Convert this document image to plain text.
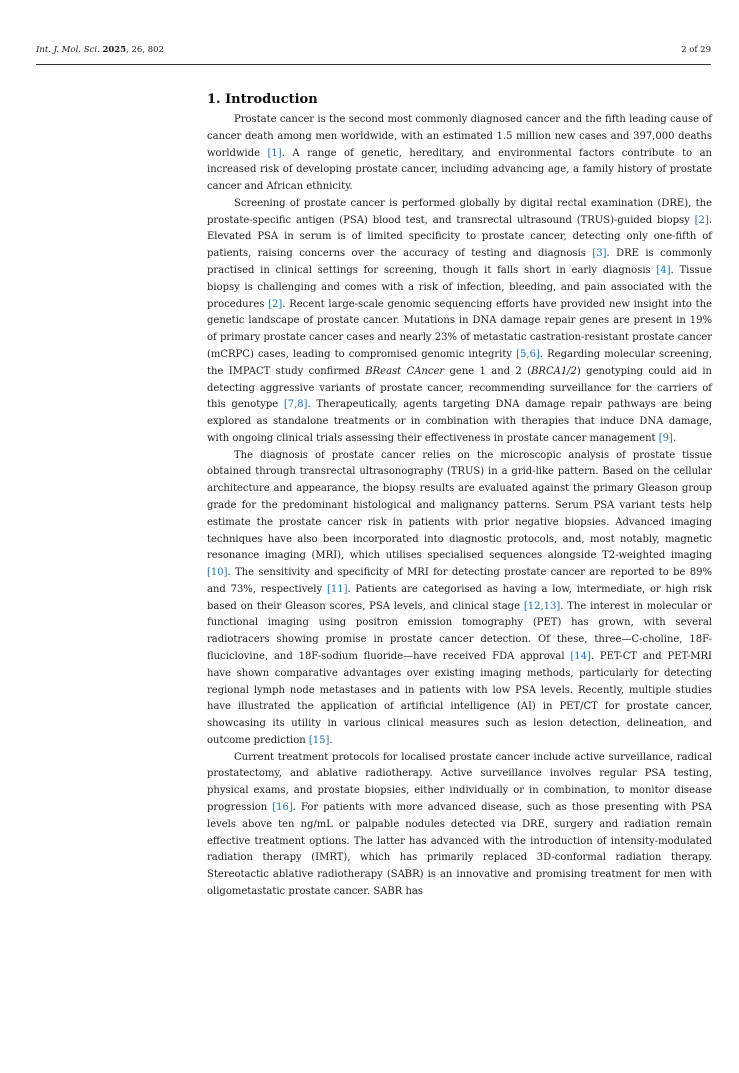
Int. J. Mol. Sci. 2025, 26, 802	2 of 29
1. Introduction

Prostate cancer is the second most commonly diagnosed cancer and the fifth leading cause of cancer death among men worldwide, with an estimated 1.5 million new cases and 397,000 deaths worldwide [1]. A range of genetic, hereditary, and environmental factors contribute to an increased risk of developing prostate cancer, including advancing age, a family history of prostate cancer and African ethnicity.

Screening of prostate cancer is performed globally by digital rectal examination (DRE), the prostate-specific antigen (PSA) blood test, and transrectal ultrasound (TRUS)-guided biopsy [2]. Elevated PSA in serum is of limited specificity to prostate cancer, detecting only one-fifth of patients, raising concerns over the accuracy of testing and diagnosis [3]. DRE is commonly practised in clinical settings for screening, though it falls short in early diagnosis [4]. Tissue biopsy is challenging and comes with a risk of infection, bleeding, and pain associated with the procedures [2]. Recent large-scale genomic sequencing efforts have provided new insight into the genetic landscape of prostate cancer. Mutations in DNA damage repair genes are present in 19% of primary prostate cancer cases and nearly 23% of metastatic castration-resistant prostate cancer (mCRPC) cases, leading to compromised genomic integrity [5,6]. Regarding molecular screening, the IMPACT study confirmed BReast CAncer gene 1 and 2 (BRCA1/2) genotyping could aid in detecting aggressive variants of prostate cancer, recommending surveillance for the carriers of this genotype [7,8]. Therapeutically, agents targeting DNA damage repair pathways are being explored as standalone treatments or in combination with therapies that induce DNA damage, with ongoing clinical trials assessing their effectiveness in prostate cancer management [9].

The diagnosis of prostate cancer relies on the microscopic analysis of prostate tissue obtained through transrectal ultrasonography (TRUS) in a grid-like pattern. Based on the cellular architecture and appearance, the biopsy results are evaluated against the primary Gleason group grade for the predominant histological and malignancy patterns. Serum PSA variant tests help estimate the prostate cancer risk in patients with prior negative biopsies. Advanced imaging techniques have also been incorporated into diagnostic protocols, and, most notably, magnetic resonance imaging (MRI), which utilises specialised sequences alongside T2-weighted imaging [10]. The sensitivity and specificity of MRI for detecting prostate cancer are reported to be 89% and 73%, respectively [11]. Patients are categorised as having a low, intermediate, or high risk based on their Gleason scores, PSA levels, and clinical stage [12,13]. The interest in molecular or functional imaging using positron emission tomography (PET) has grown, with several radiotracers showing promise in prostate cancer detection. Of these, three—C-choline, 18F-fluciclovine, and 18F-sodium fluoride—have received FDA approval [14]. PET-CT and PET-MRI have shown comparative advantages over existing imaging methods, particularly for detecting regional lymph node metastases and in patients with low PSA levels. Recently, multiple studies have illustrated the application of artificial intelligence (AI) in PET/CT for prostate cancer, showcasing its utility in various clinical measures such as lesion detection, delineation, and outcome prediction [15].

Current treatment protocols for localised prostate cancer include active surveillance, radical prostatectomy, and ablative radiotherapy. Active surveillance involves regular PSA testing, physical exams, and prostate biopsies, either individually or in combination, to monitor disease progression [16]. For patients with more advanced disease, such as those presenting with PSA levels above ten ng/mL or palpable nodules detected via DRE, surgery and radiation remain effective treatment options. The latter has advanced with the introduction of intensity-modulated radiation therapy (IMRT), which has primarily replaced 3D-conformal radiation therapy. Stereotactic ablative radiotherapy (SABR) is an innovative and promising treatment for men with oligometastatic prostate cancer. SABR has
